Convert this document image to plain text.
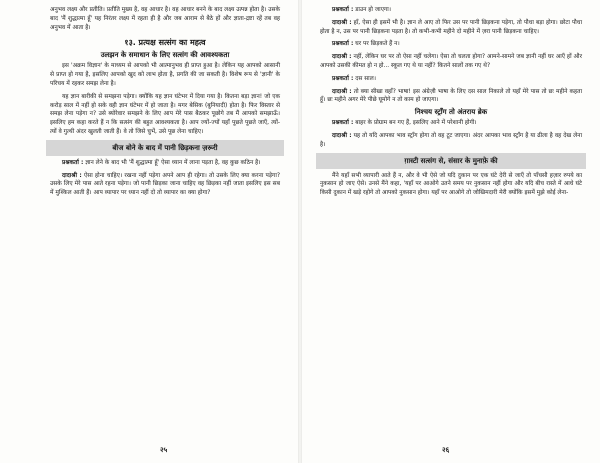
अनुभव लक्ष्य और प्रतीति। प्रतीति मुख्य है, वह आधार है। वह आधार बनने के बाद लक्ष्य उत्पन्न होता है। उसके बाद 'मैं शुद्धात्मा हूँ' यह निरंतर लक्ष्य में रहता ही है और जब आराम से बैठे हों और ज्ञाता-द्रष्टा रहें तब वह अनुभव में आता है।

१३. प्रत्यक्ष सत्संग का महत्व
उलझन के समाधान के लिए सत्संग की आवश्यकता

इस 'अक्रम विज्ञान' के माध्यम से आपको भी आत्मानुभव ही प्राप्त हुआ है। लेकिन यह आपको आसानी से प्राप्त हो गया है, इसलिए आपको खुद को लाभ होता है, प्रगति की जा सकती है। विशेष रूप से 'ज्ञानी' के परिचय में रहकर समझ लेना है।

यह ज्ञान बारीकी से समझना पड़ेगा। क्योंकि यह ज्ञान घंटेभर में दिया गया है। कितना बड़ा ज्ञान! जो एक करोड़ साल में नहीं हो सके वही ज्ञान घंटेभर में हो जाता है। मगर बेसिक (बुनियादी) होता है। फिर विस्तार से समझ लेना पड़ेगा न? उसे ब्योरेवार समझने के लिए आप मेरे पास बैठकर पूछोगे तब मैं आपको समझाऊँ। इसलिए हम कहा करते हैं न कि सत्संग की बहुत आवश्यकता है। आप ज्यों-ज्यों यहाँ पूछते पूछते जाएँ, त्यों-त्यों वे गुत्थी अंदर खुलती जाती हैं। वे तो जिसे चुभें, उसे पूछ लेना चाहिए।

बीज बोने के बाद में पानी छिड़कना ज़रूरी

प्रश्नकर्ता : ज्ञान लेने के बाद भी 'मैं शुद्धात्मा हूँ' ऐसा ध्यान में लाना पड़ता है, वह कुछ कठिन है।

दादाश्री : ऐसा होना चाहिए। रखना नहीं पड़ेगा अपने आप ही रहेगा। तो उसके लिए क्या करना पड़ेगा? उसके लिए मेरे पास आते रहना पड़ेगा। जो पानी छिड़का जाना चाहिए वह छिड़का नहीं जाता इसलिए इस सब में मुश्किल आती हैं। आप व्यापार पर ध्यान नहीं दो तो व्यापार का क्या होगा?

२५

प्रश्नकर्ता : डाउन हो जाएगा।

दादाश्री : हाँ, ऐसा ही इसमें भी है। ज्ञान ले आए तो फिर उस पर पानी छिड़कना पड़ेगा, तो पौधा बड़ा होगा। छोटा पौधा होता है न, उस पर पानी छिड़कना पड़ता है। तो कभी-कभी महीने दो महीने में ज़रा पानी छिड़कना चाहिए।

प्रश्नकर्ता : घर पर छिड़कते हैं न।

दादाश्री : नहीं, लेकिन घर पर तो ऐसा नहीं चलेगा। ऐसा तो चलता होगा? आमने-सामने जब ज्ञानी नहीं घर आएँ हों और आपको उसकी कीमत हो न हो... स्कूल गए थे या नहीं? कितने सालों तक गए थे?

प्रश्नकर्ता : दस साल।

दादाश्री : तो क्या सीखा वहाँ? भाषा! इस अंग्रेज़ी भाषा के लिए दस साल निकाले तो यहाँ मेरे पास तो छः महीने कहता हूँ। छः महीने अगर मेरे पीछे घूमोगे न तो काम हो जाएगा।

निश्चय स्ट्रॉंग तो अंतराय ब्रेक

प्रश्नकर्ता : बाहर के प्रोग्राम बन गए हैं, इसलिए आने में परेशानी होगी।

दादाश्री : यह तो यदि आपका भाव स्ट्रॉंग होगा तो वह टूट जाएगा। अंदर आपका भाव स्ट्रॉंग है या ढीला है वह देख लेना है।

ग़ास्टी सत्संग से, संसार के मुनाफ़े की

मैंने यहाँ सभी व्यापारी आते हैं न, और वे भी ऐसे जो यदि दुकान पर एक घंटे देरी से जाएँ तो पाँचसौ हज़ार रुपये का नुकसान हो जाए ऐसे। उनसे मैंने कहा, 'यहाँ पर आओगे उतने समय पर नुकसान नहीं होगा और यदि बीच रास्ते में आधे घंटे किसी दुकान में खड़े रहोगे तो आपको नुकसान होगा। यहाँ पर आओगे तो जोखिमदारी मेरी क्योंकि इसमें मुझे कोई लेना-

२६
